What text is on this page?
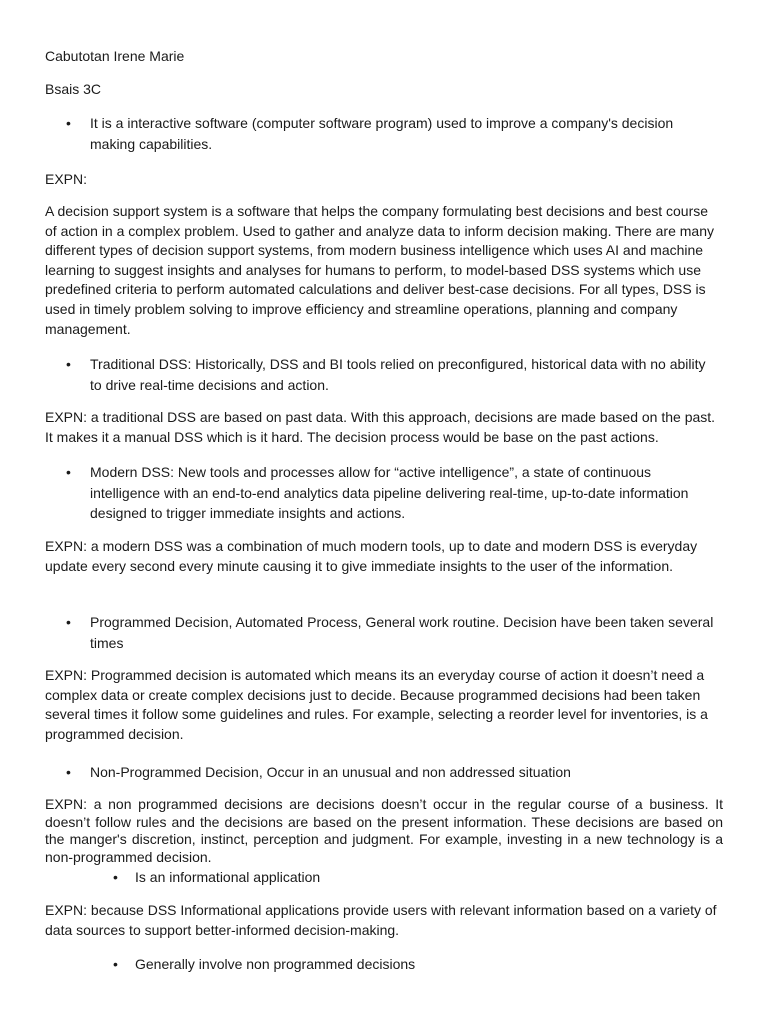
Cabutotan Irene Marie

Bsais 3C

• It is a interactive software (computer software program) used to improve a company's decision making capabilities.

EXPN:

A decision support system is a software that helps the company formulating best decisions and best course of action in a complex problem. Used to gather and analyze data to inform decision making. There are many different types of decision support systems, from modern business intelligence which uses AI and machine learning to suggest insights and analyses for humans to perform, to model-based DSS systems which use predefined criteria to perform automated calculations and deliver best-case decisions. For all types, DSS is used in timely problem solving to improve efficiency and streamline operations, planning and company management.

• Traditional DSS: Historically, DSS and BI tools relied on preconfigured, historical data with no ability to drive real-time decisions and action.

EXPN: a traditional DSS are based on past data. With this approach, decisions are made based on the past. It makes it a manual DSS which is it hard. The decision process would be base on the past actions.

• Modern DSS: New tools and processes allow for “active intelligence”, a state of continuous intelligence with an end-to-end analytics data pipeline delivering real-time, up-to-date information designed to trigger immediate insights and actions.

EXPN: a modern DSS was a combination of much modern tools, up to date and modern DSS is everyday update every second every minute causing it to give immediate insights to the user of the information.

• Programmed Decision, Automated Process, General work routine. Decision have been taken several times

EXPN: Programmed decision is automated which means its an everyday course of action it doesn’t need a complex data or create complex decisions just to decide. Because programmed decisions had been taken several times it follow some guidelines and rules. For example, selecting a reorder level for inventories, is a programmed decision.

• Non-Programmed Decision, Occur in an unusual and non addressed situation

EXPN: a non programmed decisions are decisions doesn’t occur in the regular course of a business. It doesn’t follow rules and the decisions are based on the present information. These decisions are based on the manger's discretion, instinct, perception and judgment. For example, investing in a new technology is a non-programmed decision.

• Is an informational application

EXPN: because DSS Informational applications provide users with relevant information based on a variety of data sources to support better-informed decision-making.

• Generally involve non programmed decisions
